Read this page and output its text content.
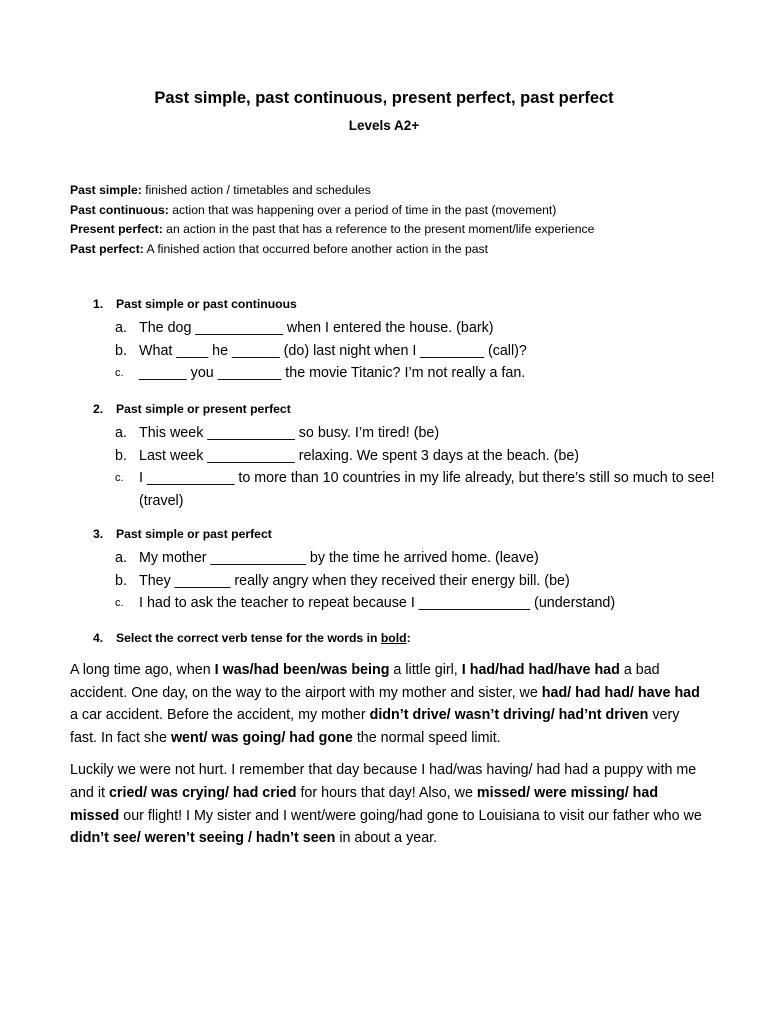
Past simple, past continuous, present perfect, past perfect
Levels A2+
Past simple: finished action / timetables and schedules
Past continuous: action that was happening over a period of time in the past (movement)
Present perfect: an action in the past that has a reference to the present moment/life experience
Past perfect: A finished action that occurred before another action in the past
1. Past simple or past continuous
a. The dog ___________ when I entered the house. (bark)
b. What ____ he ______ (do) last night when I ________ (call)?
c.	______ you ________ the movie Titanic? I’m not really a fan.
2. Past simple or present perfect
a. This week ___________ so busy. I’m tired! (be)
b. Last week ___________ relaxing. We spent 3 days at the beach. (be)
c.	I ___________ to more than 10 countries in my life already, but there’s still so much to see! (travel)
3. Past simple or past perfect
a. My mother ____________ by the time he arrived home. (leave)
b. They _______ really angry when they received their energy bill. (be)
c.	I had to ask the teacher to repeat because I ______________ (understand)
4. Select the correct verb tense for the words in bold:

A long time ago, when I was/had been/was being a little girl, I had/had had/have had a bad accident. One day, on the way to the airport with my mother and sister, we had/ had had/ have had a car accident. Before the accident, my mother didn’t drive/ wasn’t driving/ had’nt driven very fast. In fact she went/ was going/ had gone the normal speed limit.

Luckily we were not hurt. I remember that day because I had/was having/ had had a puppy with me and it cried/ was crying/ had cried for hours that day! Also, we missed/ were missing/ had missed our flight! I My sister and I went/were going/had gone to Louisiana to visit our father who we didn’t see/ weren’t seeing / hadn’t seen in about a year.
